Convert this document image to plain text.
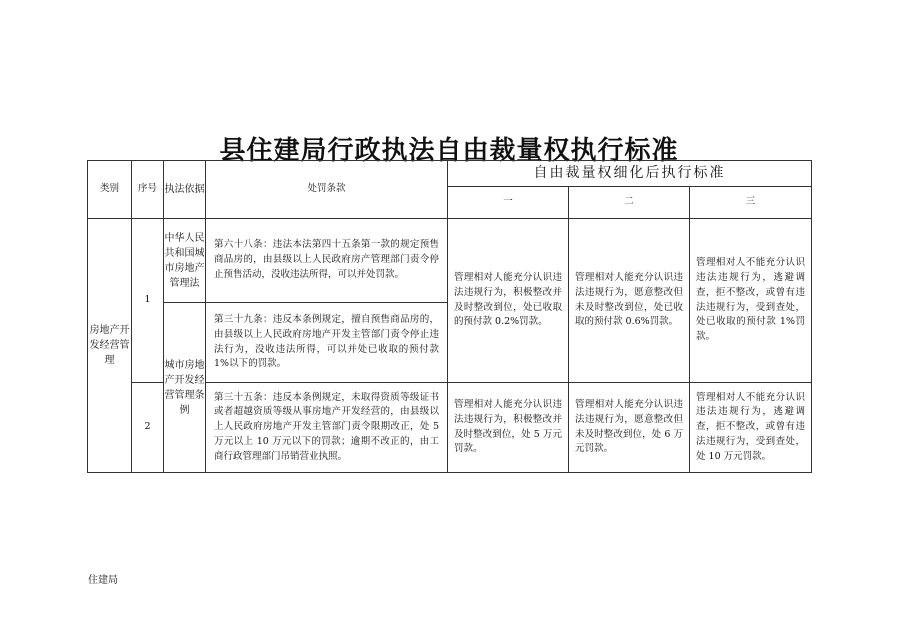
县住建局行政执法自由裁量权执行标准
类别	序号	执法依据	处罚条款	自由裁量权细化后执行标准		
				一	二	三
房地产开发经营管理	1	中华人民共和国城市房地产管理法	第六十八条：违法本法第四十五条第一款的规定预售商品房的，由县级以上人民政府房产管理部门责令停止预售活动，没收违法所得，可以并处罚款。	管理相对人能充分认识违法违规行为，积极整改并及时整改到位，处已收取的预付款 0.2%罚款。	管理相对人能充分认识违法违规行为，愿意整改但未及时整改到位，处已收取的预付款 0.6%罚款。	管理相对人不能充分认识违法违规行为，逃避调查，拒不整改，或曾有违法违规行为，受到查处，处已收取的预付款 1%罚款。
		城市房地产开发经营管理条例	第三十九条：违反本条例规定，擅自预售商品房的，由县级以上人民政府房地产开发主管部门责令停止违法行为，没收违法所得，可以并处已收取的预付款 1%以下的罚款。			
	2		第三十五条：违反本条例规定，未取得资质等级证书或者超越资质等级从事房地产开发经营的，由县级以上人民政府房地产开发主管部门责令限期改正，处 5 万元以上 10 万元以下的罚款；逾期不改正的，由工商行政管理部门吊销营业执照。	管理相对人能充分认识违法违规行为，积极整改并及时整改到位，处 5 万元罚款。	管理相对人能充分认识违法违规行为，愿意整改但未及时整改到位，处 6 万元罚款。	管理相对人不能充分认识违法违规行为，逃避调查，拒不整改，或曾有违法违规行为，受到查处，处 10 万元罚款。
住建局
